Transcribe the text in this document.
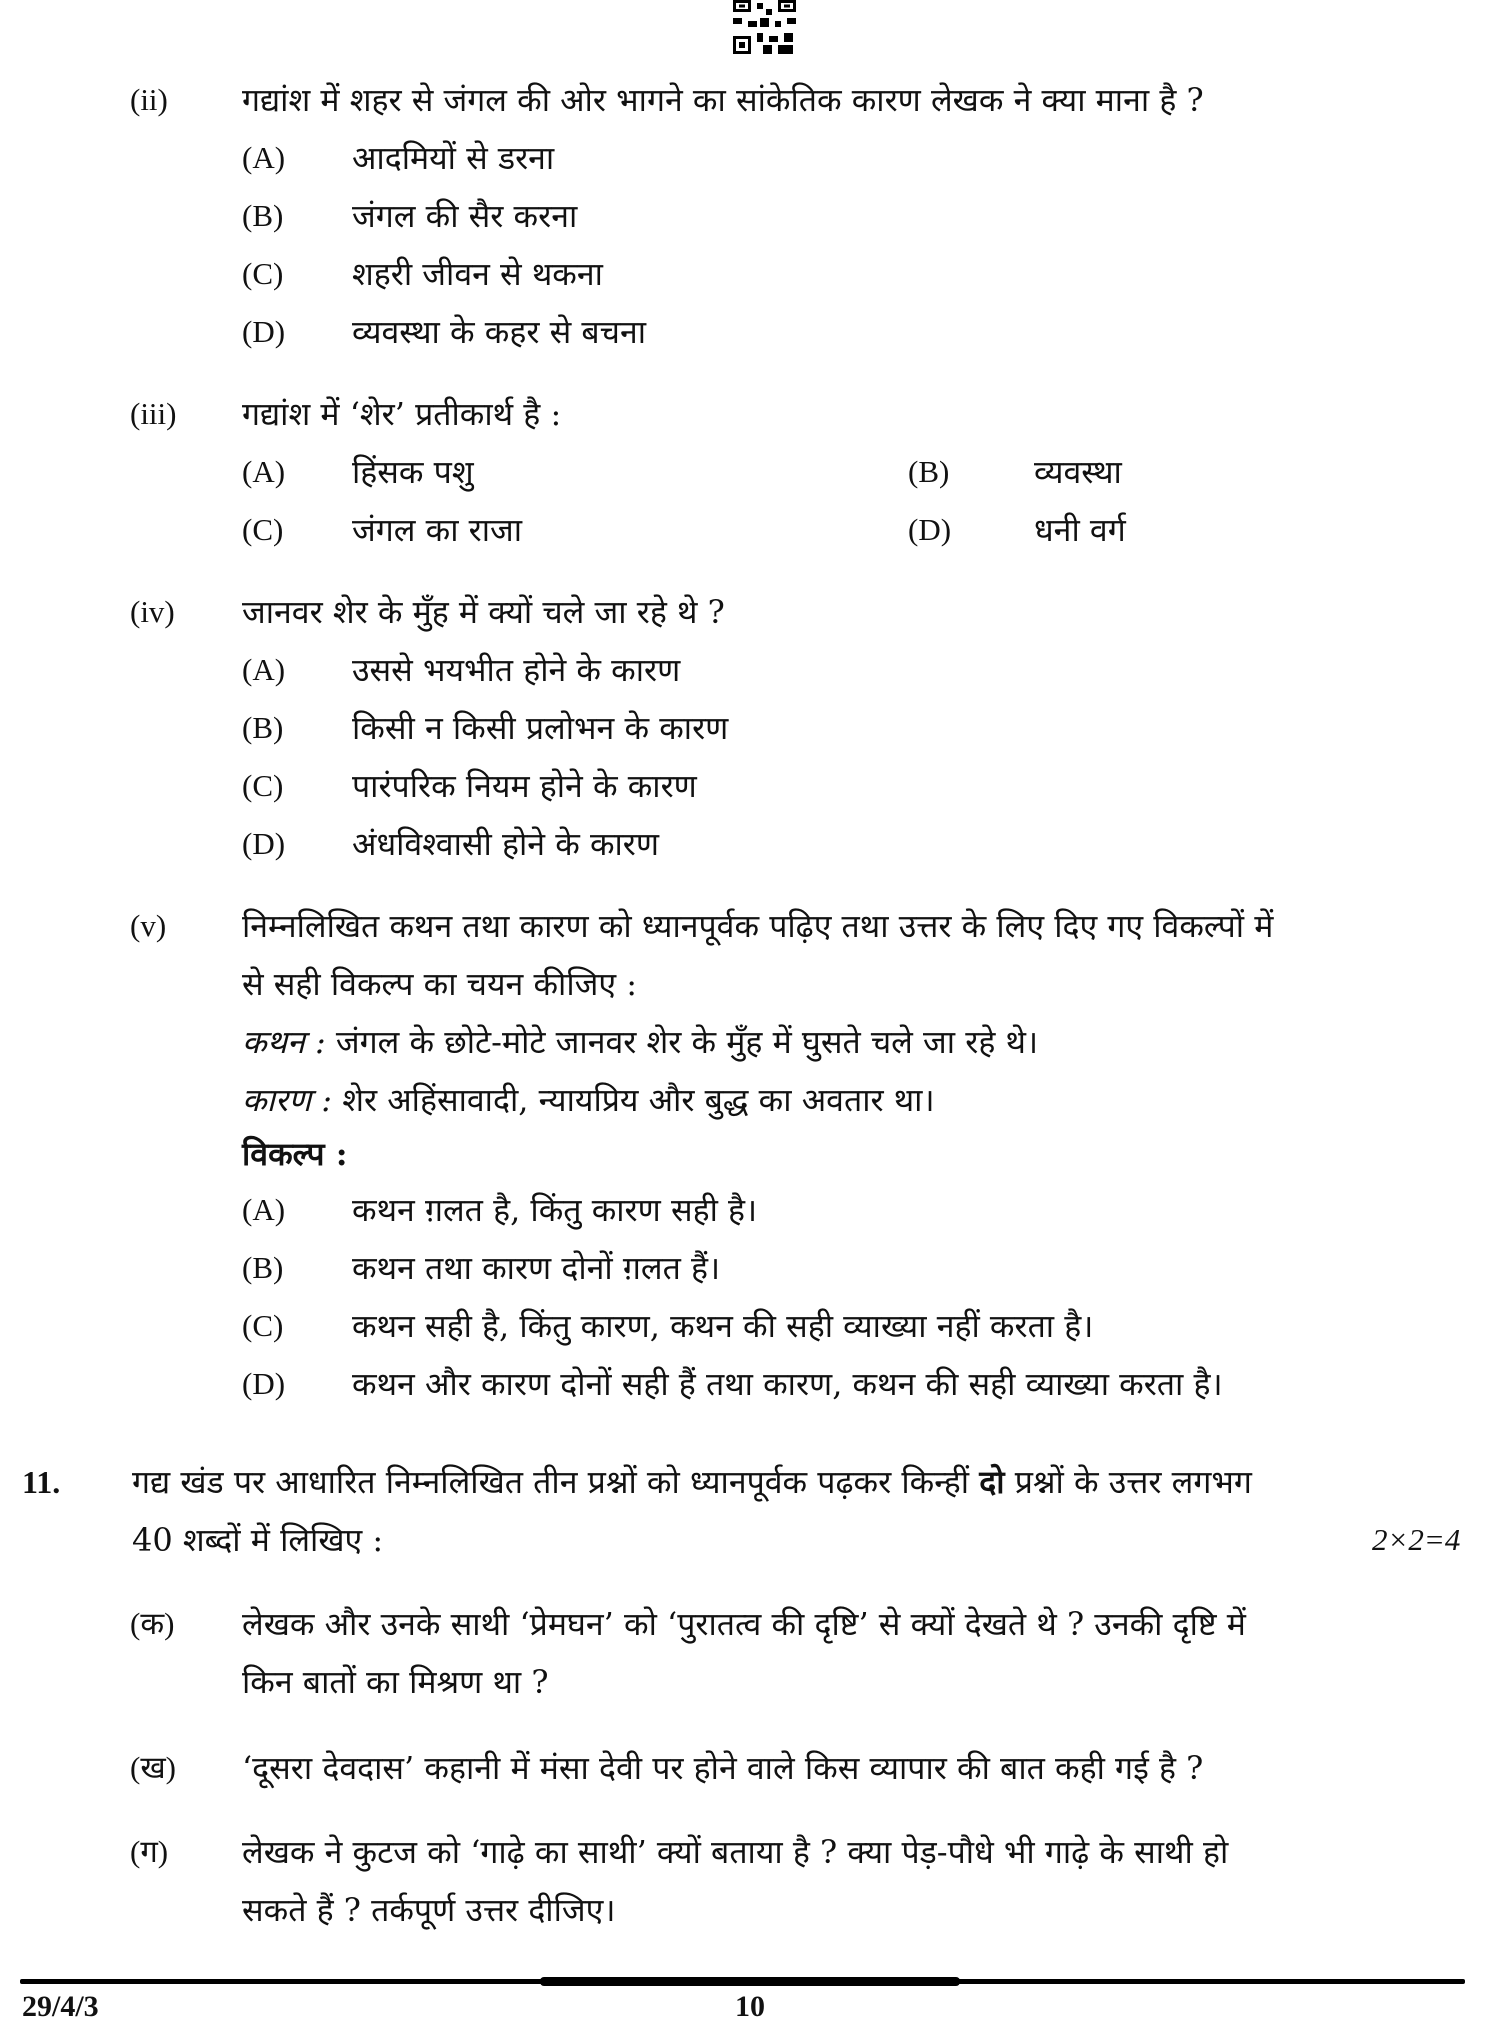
(ii) गद्यांश में शहर से जंगल की ओर भागने का सांकेतिक कारण लेखक ने क्या माना है ?
(A) आदमियों से डरना
(B) जंगल की सैर करना
(C) शहरी जीवन से थकना
(D) व्यवस्था के कहर से बचना
(iii) गद्यांश में ‘शेर’ प्रतीकार्थ है :
(A) हिंसक पशु	(B)	व्यवस्था
(C) जंगल का राजा	(D)	धनी वर्ग
(iv) जानवर शेर के मुँह में क्यों चले जा रहे थे ?
(A) उससे भयभीत होने के कारण
(B) किसी न किसी प्रलोभन के कारण
(C) पारंपरिक नियम होने के कारण
(D) अंधविश्वासी होने के कारण
(v) निम्नलिखित कथन तथा कारण को ध्यानपूर्वक पढ़िए तथा उत्तर के लिए दिए गए विकल्पों में
से सही विकल्प का चयन कीजिए :
कथन : जंगल के छोटे-मोटे जानवर शेर के मुँह में घुसते चले जा रहे थे।
कारण : शेर अहिंसावादी, न्यायप्रिय और बुद्ध का अवतार था।
विकल्प :
(A) कथन ग़लत है, किंतु कारण सही है।
(B) कथन तथा कारण दोनों ग़लत हैं।
(C) कथन सही है, किंतु कारण, कथन की सही व्याख्या नहीं करता है।
(D) कथन और कारण दोनों सही हैं तथा कारण, कथन की सही व्याख्या करता है।
11. गद्य खंड पर आधारित निम्नलिखित तीन प्रश्नों को ध्यानपूर्वक पढ़कर किन्हीं दो प्रश्नों के उत्तर लगभग
40 शब्दों में लिखिए :	2×2=4
(क) लेखक और उनके साथी ‘प्रेमघन’ को ‘पुरातत्व की दृष्टि’ से क्यों देखते थे ? उनकी दृष्टि में
किन बातों का मिश्रण था ?
(ख) ‘दूसरा देवदास’ कहानी में मंसा देवी पर होने वाले किस व्यापार की बात कही गई है ?
(ग) लेखक ने कुटज को ‘गाढ़े का साथी’ क्यों बताया है ? क्या पेड़-पौधे भी गाढ़े के साथी हो
सकते हैं ? तर्कपूर्ण उत्तर दीजिए।
29/4/3	10
